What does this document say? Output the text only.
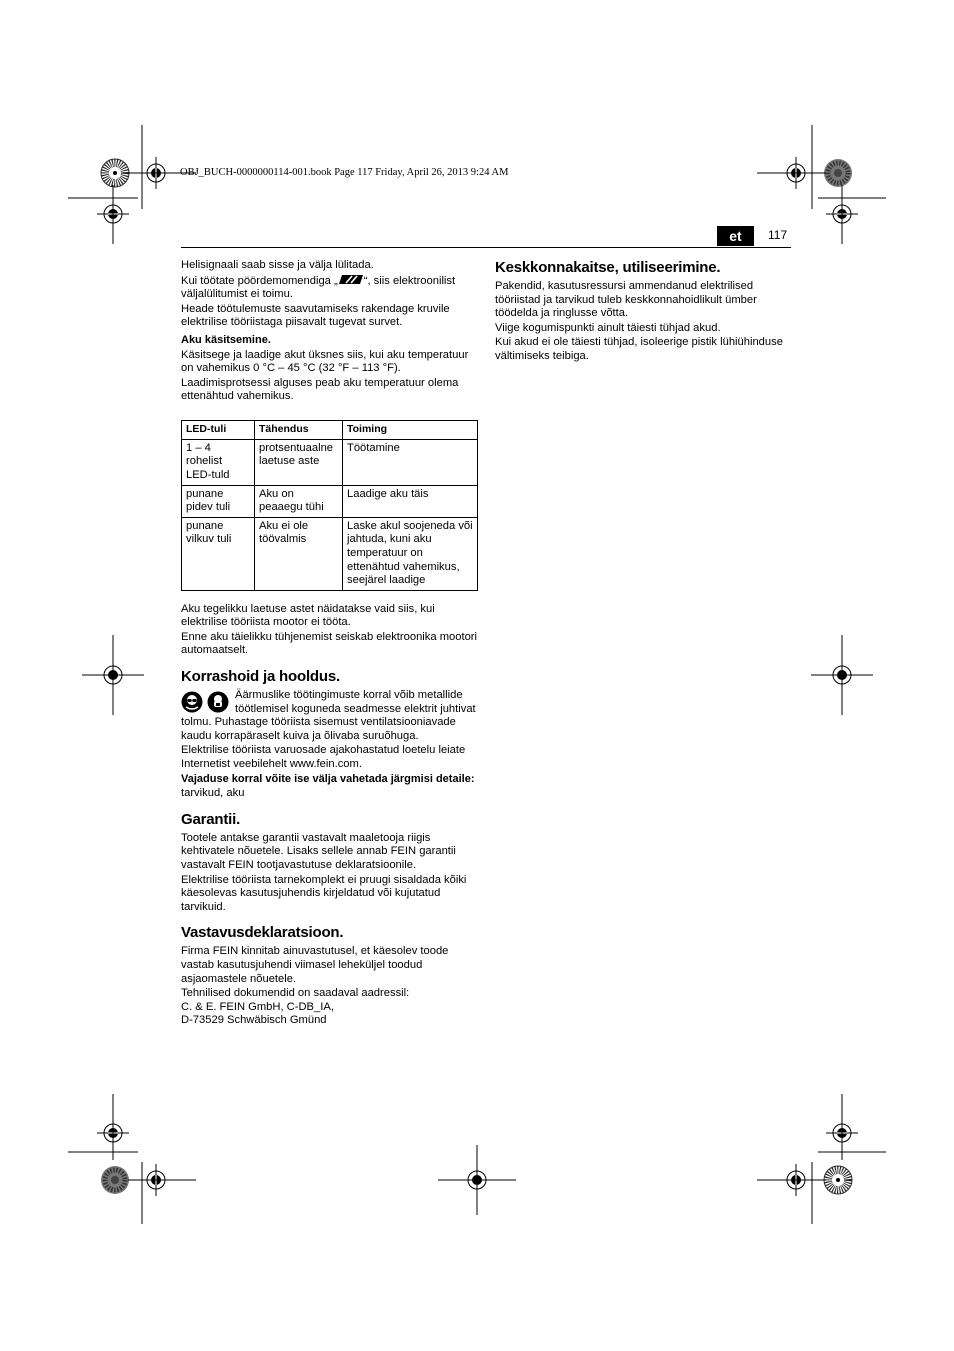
OBJ_BUCH-0000000114-001.book Page 117 Friday, April 26, 2013 9:24 AM
et	117

Helisignaali saab sisse ja välja lülitada.

Kui töötate pöördemomendiga „ “, siis elektroonilist väljalülitumist ei toimu.

Heade töötulemuste saavutamiseks rakendage kruvile elektrilise tööriistaga piisavalt tugevat survet.

Aku käsitsemine.

Käsitsege ja laadige akut üksnes siis, kui aku temperatuur on vahemikus 0 °C – 45 °C (32 °F – 113 °F).

Laadimisprotsessi alguses peab aku temperatuur olema ettenähtud vahemikus.

LED-tuli	Tähendus	Toiming
1 – 4 rohelist LED-tuld	protsentuaalne laetuse aste	Töötamine
punane pidev tuli	Aku on peaaegu tühi	Laadige aku täis
punane vilkuv tuli	Aku ei ole töövalmis	Laske akul soojeneda või jahtuda, kuni aku temperatuur on ettenähtud vahemikus, seejärel laadige

Aku tegelikku laetuse astet näidatakse vaid siis, kui elektrilise tööriista mootor ei tööta.

Enne aku täielikku tühjenemist seiskab elektroonika mootori automaatselt.

Korrashoid ja hooldus.

Äärmuslike töötingimuste korral võib metallide töötlemisel koguneda seadmesse elektrit juhtivat tolmu. Puhastage tööriista sisemust ventilatsiooniavade kaudu korrapäraselt kuiva ja õlivaba suruõhuga.

Elektrilise tööriista varuosade ajakohastatud loetelu leiate Internetist veebilehelt www.fein.com.

Vajaduse korral võite ise välja vahetada järgmisi detaile:

tarvikud, aku

Garantii.

Tootele antakse garantii vastavalt maaletooja riigis kehtivatele nõuetele. Lisaks sellele annab FEIN garantii vastavalt FEIN tootjavastutuse deklaratsioonile.

Elektrilise tööriista tarnekomplekt ei pruugi sisaldada kõiki käesolevas kasutusjuhendis kirjeldatud või kujutatud tarvikuid.

Vastavusdeklaratsioon.

Firma FEIN kinnitab ainuvastutusel, et käesolev toode vastab kasutusjuhendi viimasel leheküljel toodud asjaomastele nõuetele.

Tehnilised dokumendid on saadaval aadressil:

C. & E. FEIN GmbH, C-DB_IA,

D-73529 Schwäbisch Gmünd

Keskkonnakaitse, utiliseerimine.

Pakendid, kasutusressursi ammendanud elektrilised tööriistad ja tarvikud tuleb keskkonnahoidlikult ümber töödelda ja ringlusse võtta.

Viige kogumispunkti ainult täiesti tühjad akud.

Kui akud ei ole täiesti tühjad, isoleerige pistik lühiühinduse vältimiseks teibiga.
